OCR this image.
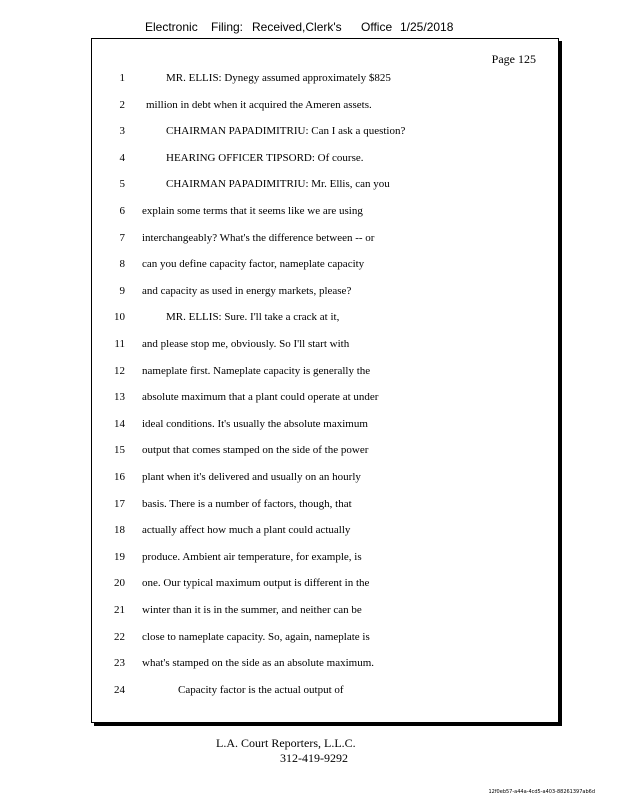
Electronic Filing: Received,Clerk's Office 1/25/2018
Page 125
1	MR. ELLIS: Dynegy assumed approximately $825
2 million in debt when it acquired the Ameren assets.
3	CHAIRMAN PAPADIMITRIU: Can I ask a question?
4	HEARING OFFICER TIPSORD: Of course.
5	CHAIRMAN PAPADIMITRIU: Mr. Ellis, can you
6 explain some terms that it seems like we are using
7 interchangeably? What's the difference between -- or
8 can you define capacity factor, nameplate capacity
9 and capacity as used in energy markets, please?
10	MR. ELLIS: Sure. I'll take a crack at it,
11 and please stop me, obviously. So I'll start with
12 nameplate first. Nameplate capacity is generally the
13 absolute maximum that a plant could operate at under
14 ideal conditions. It's usually the absolute maximum
15 output that comes stamped on the side of the power
16 plant when it's delivered and usually on an hourly
17 basis. There is a number of factors, though, that
18 actually affect how much a plant could actually
19 produce. Ambient air temperature, for example, is
20 one. Our typical maximum output is different in the
21 winter than it is in the summer, and neither can be
22 close to nameplate capacity. So, again, nameplate is
23 what's stamped on the side as an absolute maximum.
24	Capacity factor is the actual output of
L.A. Court Reporters, L.L.C.
312-419-9292
12f0eb57-a44a-4cd5-a403-88261397ab6d
